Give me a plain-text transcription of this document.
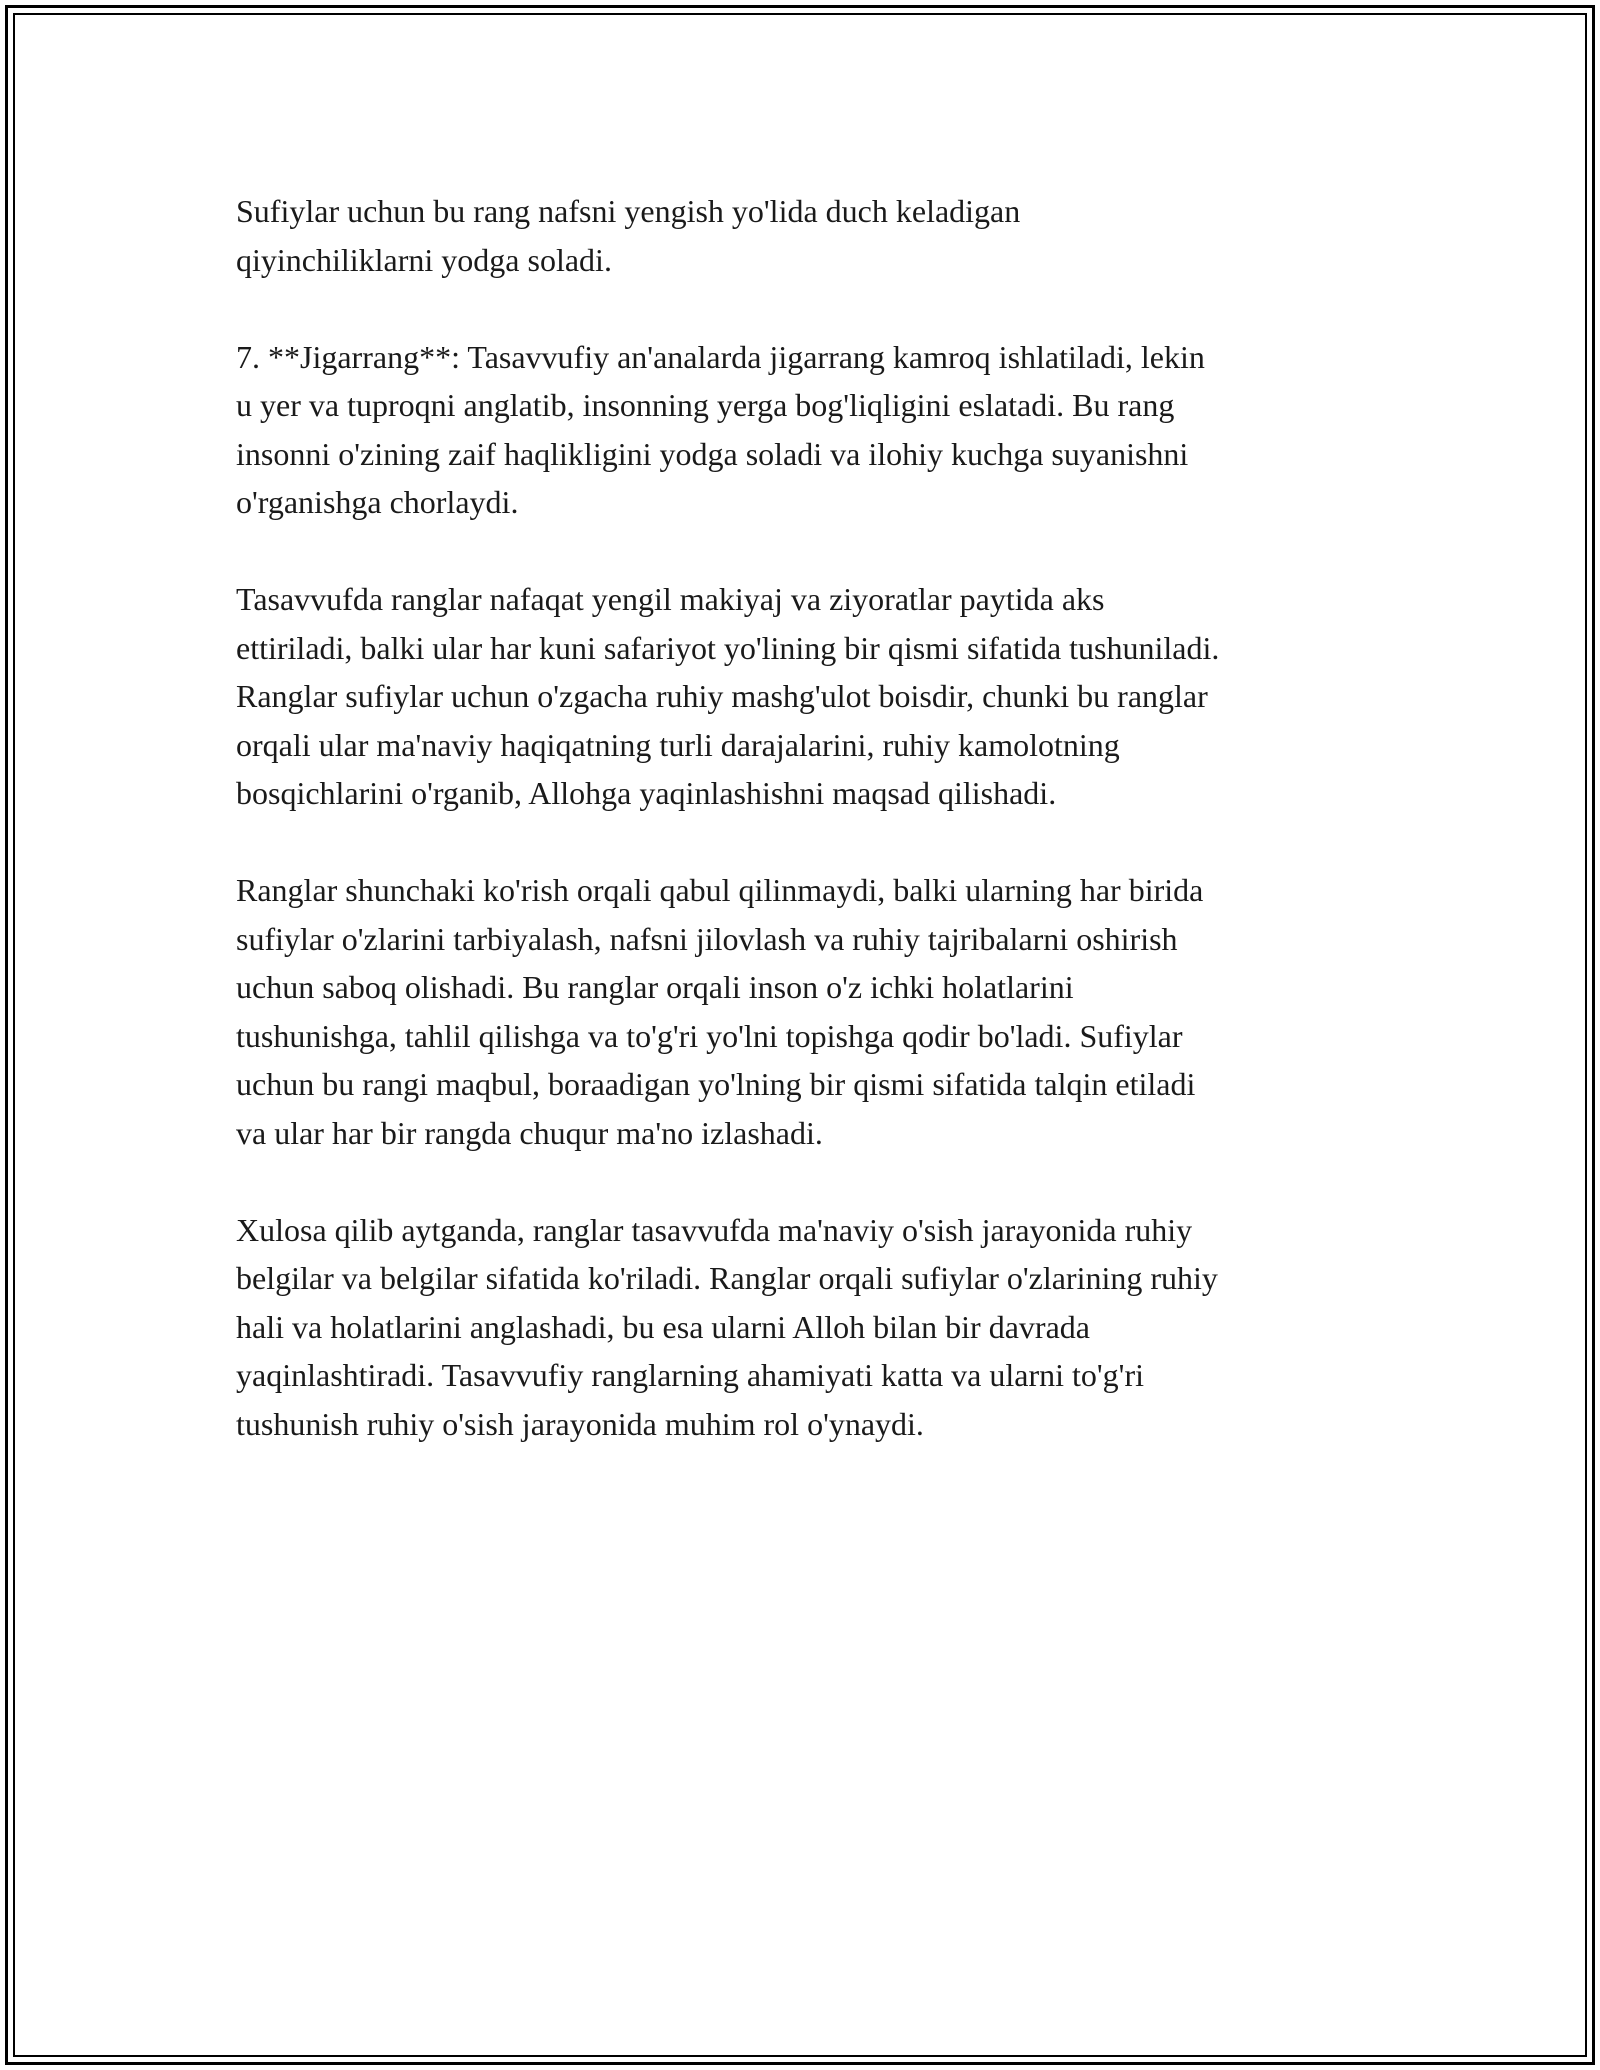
Sufiylar uchun bu rang nafsni yengish yo'lida duch keladigan
qiyinchiliklarni yodga soladi.

7. **Jigarrang**: Tasavvufiy an'analarda jigarrang kamroq ishlatiladi, lekin
u yer va tuproqni anglatib, insonning yerga bog'liqligini eslatadi. Bu rang
insonni o'zining zaif haqlikligini yodga soladi va ilohiy kuchga suyanishni
o'rganishga chorlaydi.

Tasavvufda ranglar nafaqat yengil makiyaj va ziyoratlar paytida aks
ettiriladi, balki ular har kuni safariyot yo'lining bir qismi sifatida tushuniladi.
Ranglar sufiylar uchun o'zgacha ruhiy mashg'ulot boisdir, chunki bu ranglar
orqali ular ma'naviy haqiqatning turli darajalarini, ruhiy kamolotning
bosqichlarini o'rganib, Allohga yaqinlashishni maqsad qilishadi.

Ranglar shunchaki ko'rish orqali qabul qilinmaydi, balki ularning har birida
sufiylar o'zlarini tarbiyalash, nafsni jilovlash va ruhiy tajribalarni oshirish
uchun saboq olishadi. Bu ranglar orqali inson o'z ichki holatlarini
tushunishga, tahlil qilishga va to'g'ri yo'lni topishga qodir bo'ladi. Sufiylar
uchun bu rangi maqbul, boraadigan yo'lning bir qismi sifatida talqin etiladi
va ular har bir rangda chuqur ma'no izlashadi.

Xulosa qilib aytganda, ranglar tasavvufda ma'naviy o'sish jarayonida ruhiy
belgilar va belgilar sifatida ko'riladi. Ranglar orqali sufiylar o'zlarining ruhiy
hali va holatlarini anglashadi, bu esa ularni Alloh bilan bir davrada
yaqinlashtiradi. Tasavvufiy ranglarning ahamiyati katta va ularni to'g'ri
tushunish ruhiy o'sish jarayonida muhim rol o'ynaydi.
